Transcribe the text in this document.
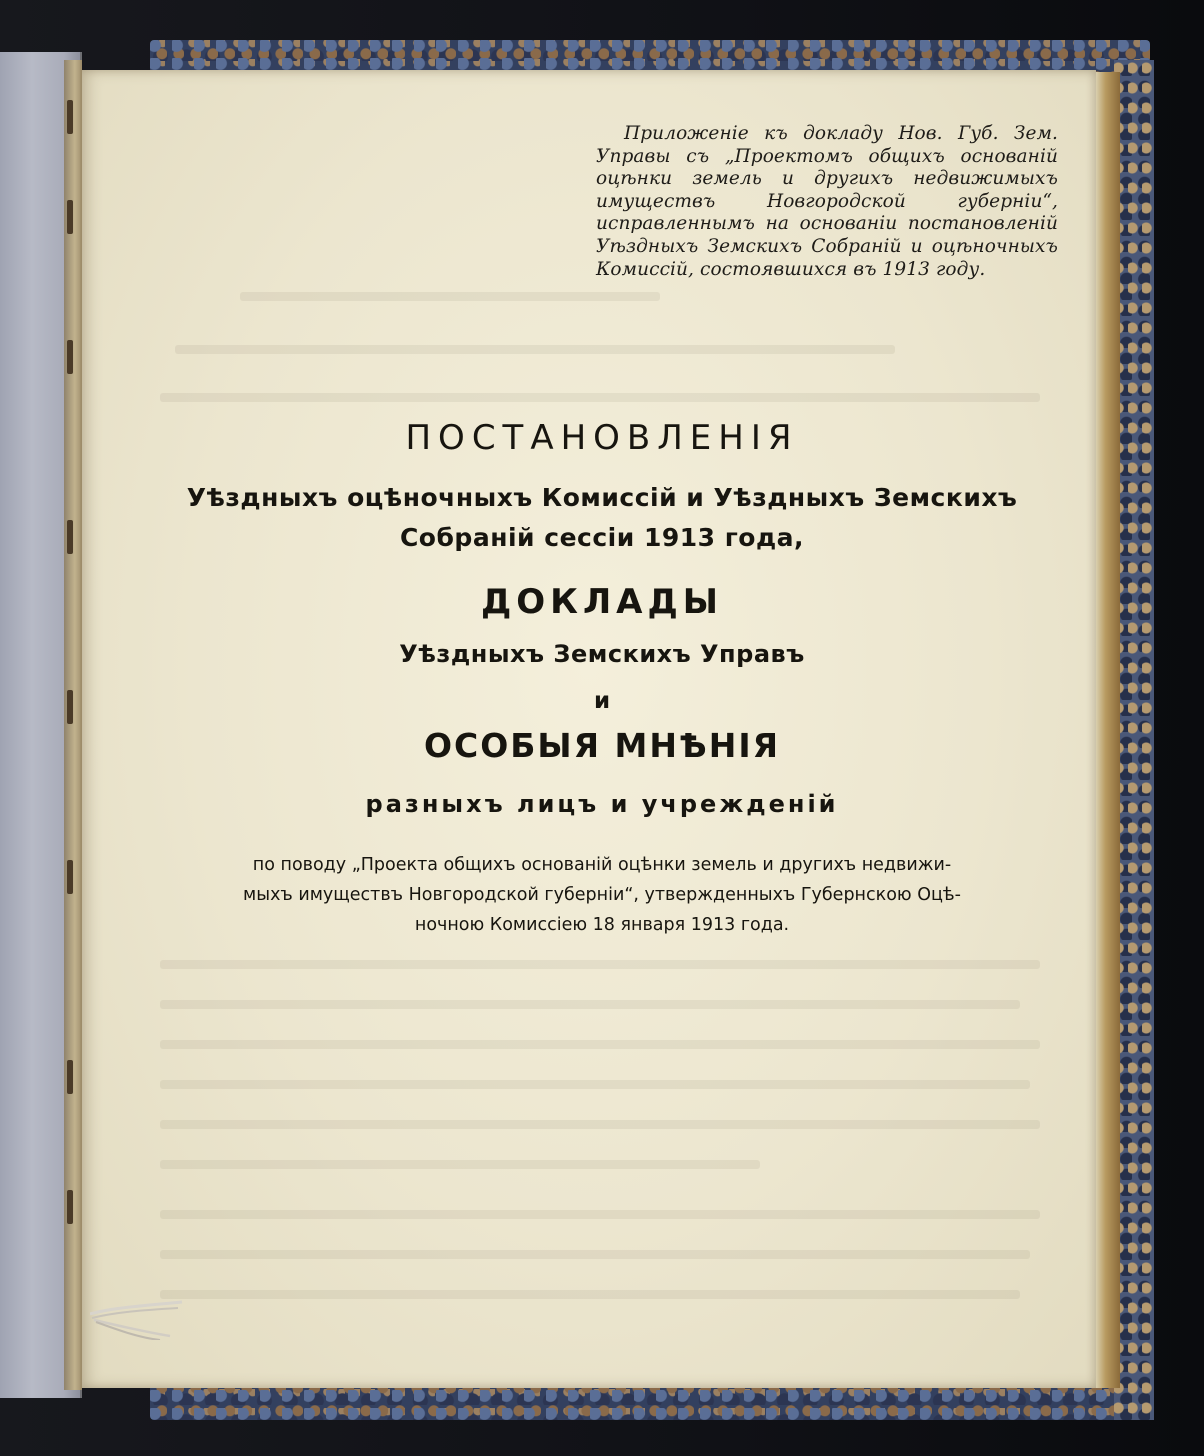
Приложеніе къ докладу Нов. Губ. Зем. Управы съ „Проектомъ общихъ основаній оцѣнки земель и другихъ недвижимыхъ имуществъ Новгородской губерніи“, исправленнымъ на основаніи постановленій Уѣздныхъ Земскихъ Собраній и оцѣночныхъ Комиссій, состоявшихся въ 1913 году.

ПОСТАНОВЛЕНІЯ
Уѣздныхъ оцѣночныхъ Комиссій и Уѣздныхъ Земскихъ
Собраній сессіи 1913 года,
ДОКЛАДЫ
Уѣздныхъ Земскихъ Управъ
и
ОСОБЫЯ МНѢНІЯ
разныхъ лицъ и учрежденій
по поводу „Проекта общихъ основаній оцѣнки земель и другихъ недвижи-
мыхъ имуществъ Новгородской губерніи“, утвержденныхъ Губернскою Оцѣ-
ночною Комиссіею 18 января 1913 года.
